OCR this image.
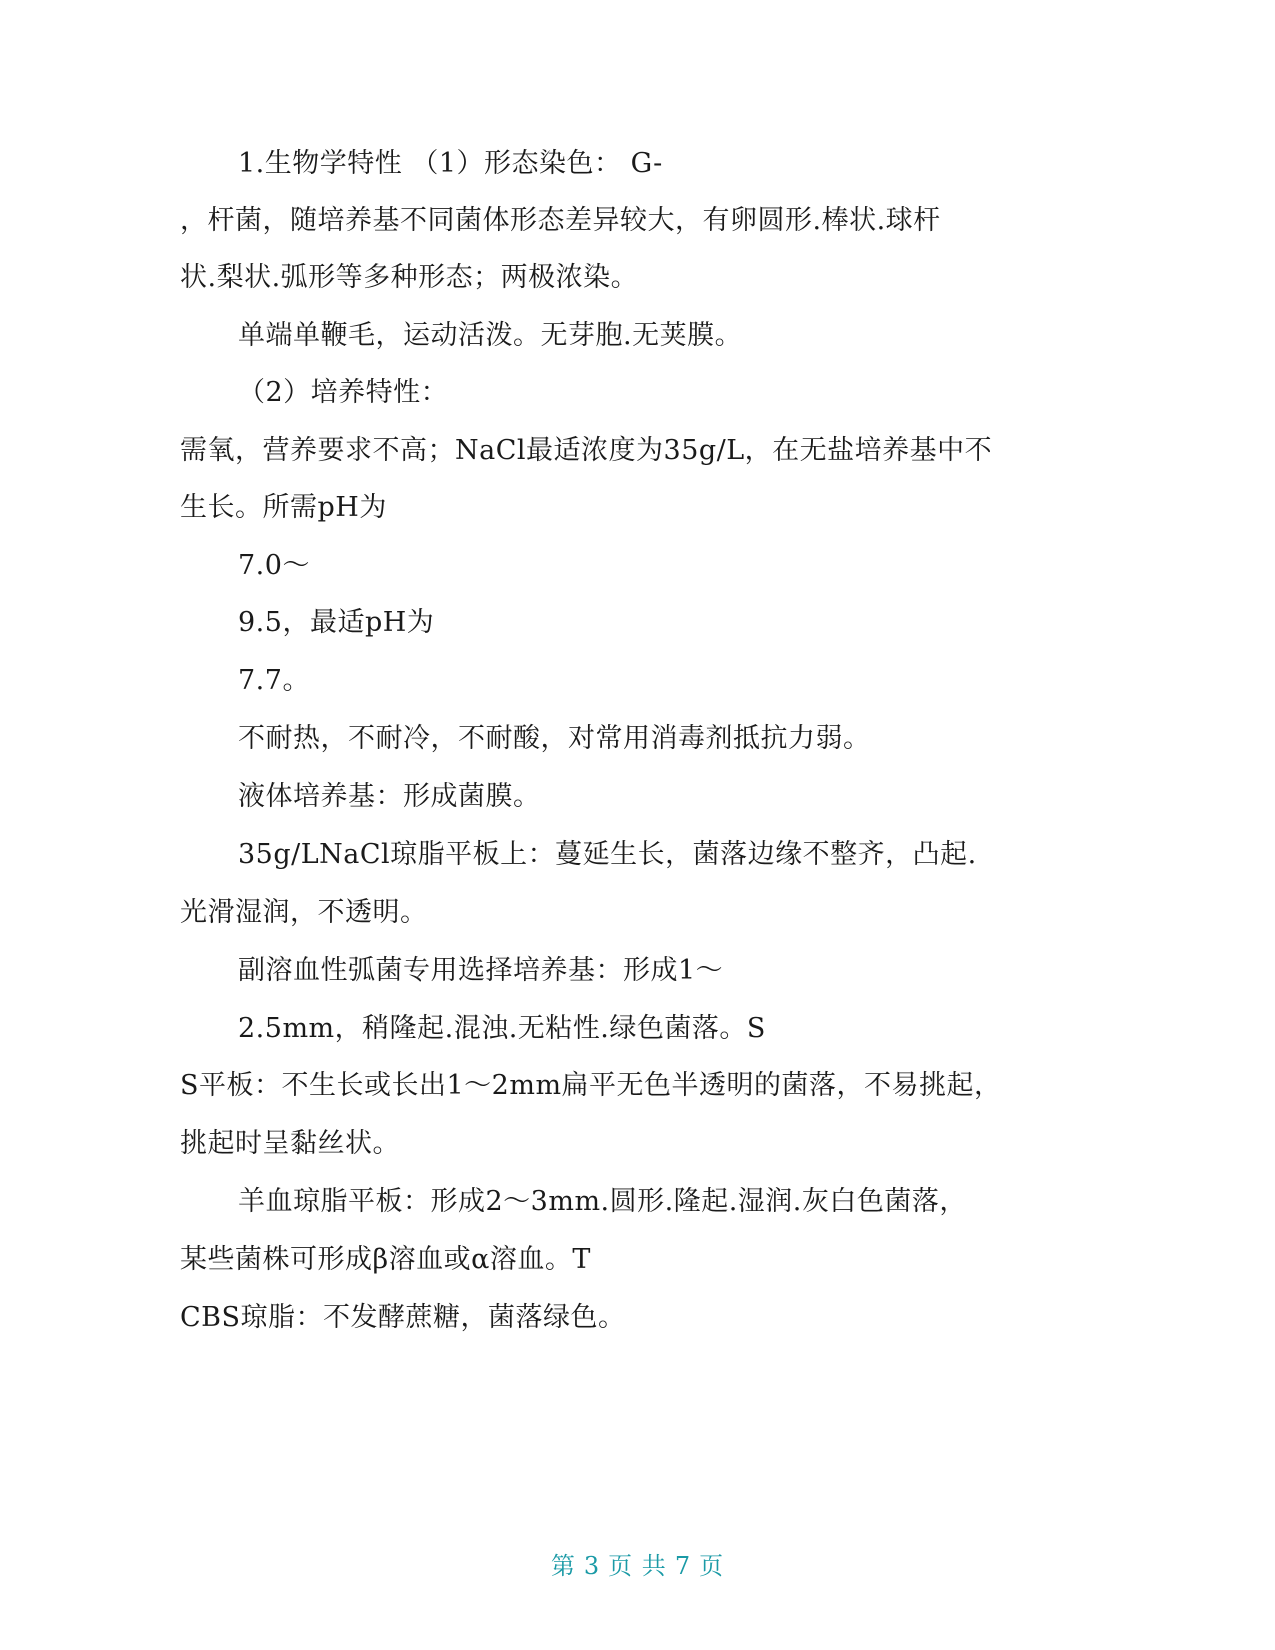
1.生物学特性 （1）形态染色： G-
，杆菌，随培养基不同菌体形态差异较大，有卵圆形.棒状.球杆
状.梨状.弧形等多种形态；两极浓染。
单端单鞭毛，运动活泼。无芽胞.无荚膜。
（2）培养特性：
需氧，营养要求不高；NaCl最适浓度为35g/L，在无盐培养基中不
生长。所需pH为
7.0～
9.5，最适pH为
7.7。
不耐热，不耐冷，不耐酸，对常用消毒剂抵抗力弱。
液体培养基：形成菌膜。
35g/LNaCl琼脂平板上：蔓延生长，菌落边缘不整齐，凸起.
光滑湿润，不透明。
副溶血性弧菌专用选择培养基：形成1～
2.5mm，稍隆起.混浊.无粘性.绿色菌落。S
S平板：不生长或长出1～2mm扁平无色半透明的菌落，不易挑起，
挑起时呈黏丝状。
羊血琼脂平板：形成2～3mm.圆形.隆起.湿润.灰白色菌落，
某些菌株可形成β溶血或α溶血。T
CBS琼脂：不发酵蔗糖，菌落绿色。
第 3 页 共 7 页
